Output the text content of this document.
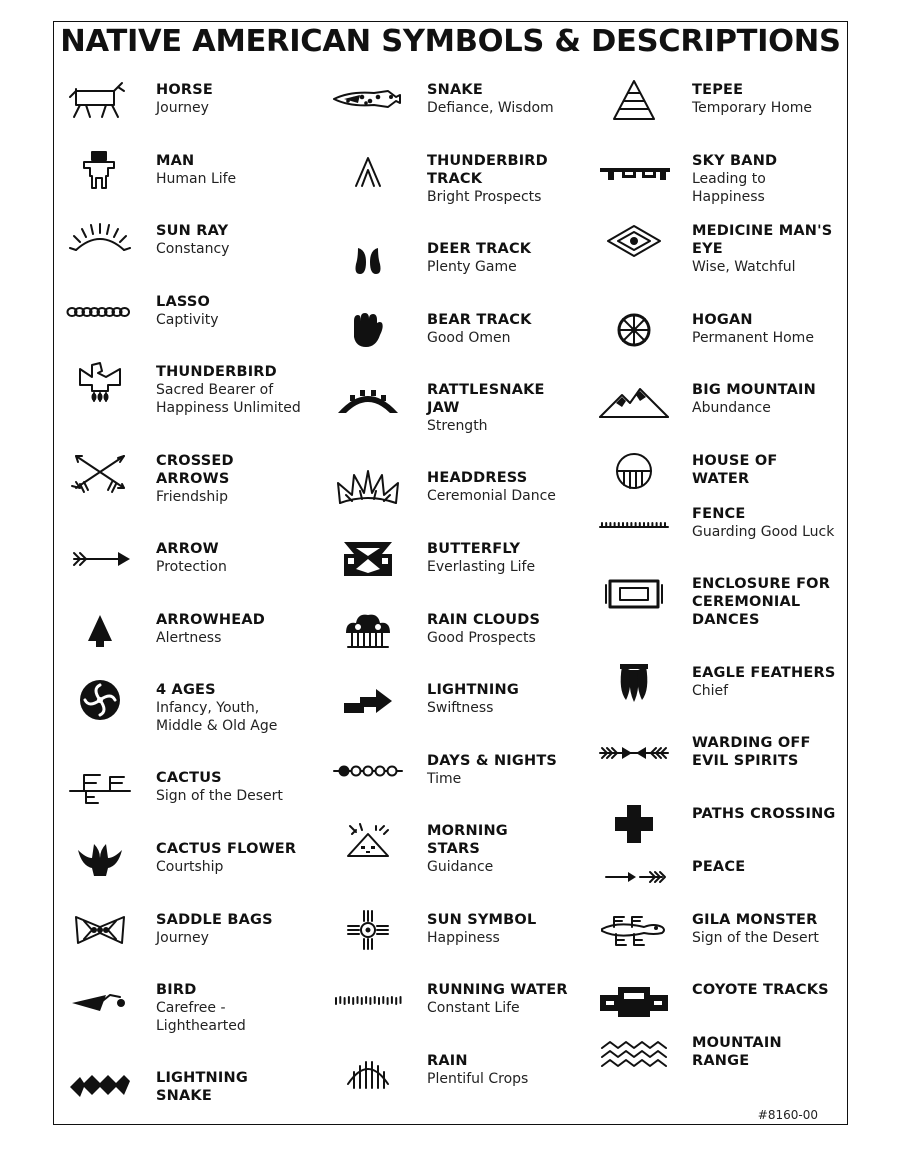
NATIVE AMERICAN SYMBOLS & DESCRIPTIONS
HORSE
Journey
MAN
Human Life
SUN RAY
Constancy
LASSO
Captivity
THUNDERBIRD
Sacred Bearer of
Happiness Unlimited
CROSSED
ARROWS
Friendship
ARROW
Protection
ARROWHEAD
Alertness
4 AGES
Infancy, Youth,
Middle & Old Age
CACTUS
Sign of the Desert
CACTUS FLOWER
Courtship
SADDLE BAGS
Journey
BIRD
Carefree -
Lighthearted
LIGHTNING
SNAKE
SNAKE
Defiance, Wisdom
THUNDERBIRD
TRACK
Bright Prospects
DEER TRACK
Plenty Game
BEAR TRACK
Good Omen
RATTLESNAKE
JAW
Strength
HEADDRESS
Ceremonial Dance
BUTTERFLY
Everlasting Life
RAIN CLOUDS
Good Prospects
LIGHTNING
Swiftness
DAYS & NIGHTS
Time
MORNING
STARS
Guidance
SUN SYMBOL
Happiness
RUNNING WATER
Constant Life
RAIN
Plentiful Crops
TEPEE
Temporary Home
SKY BAND
Leading to Happiness
MEDICINE MAN'S
EYE
Wise, Watchful
HOGAN
Permanent Home
BIG MOUNTAIN
Abundance
HOUSE OF WATER
FENCE
Guarding Good Luck
ENCLOSURE FOR
CEREMONIAL
DANCES
EAGLE FEATHERS
Chief
WARDING OFF
EVIL SPIRITS
PATHS CROSSING
PEACE
GILA MONSTER
Sign of the Desert
COYOTE TRACKS
MOUNTAIN
RANGE
#8160-00
